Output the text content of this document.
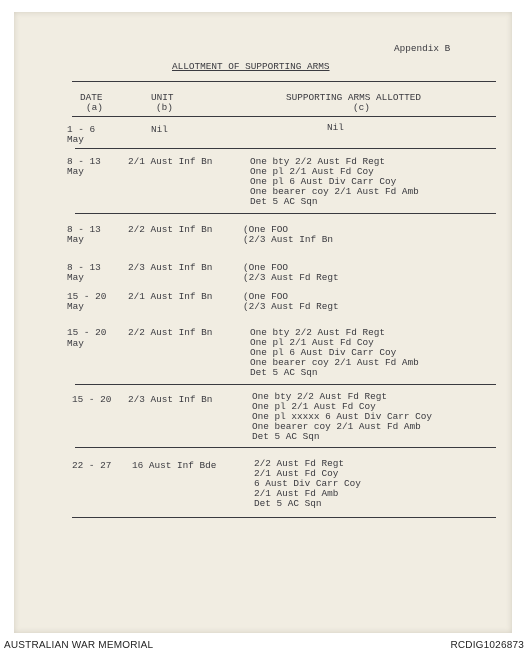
Appendix B
ALLOTMENT OF SUPPORTING ARMS
DATE
(a)
UNIT
(b)
SUPPORTING ARMS ALLOTTED
(c)
1 - 6
May
Nil	Nil
8 - 13
May
2/1 Aust Inf Bn	One bty 2/2 Aust Fd Regt
One pl 2/1 Aust Fd Coy
One pl 6 Aust Div Carr Coy
One bearer coy 2/1 Aust Fd Amb
Det 5 AC Sqn
8 - 13
May
2/2 Aust Inf Bn	(One FOO
(2/3 Aust Inf Bn
8 - 13
May
2/3 Aust Inf Bn	(One FOO
(2/3 Aust Fd Regt
15 - 20
May
2/1 Aust Inf Bn	(One FOO
(2/3 Aust Fd Regt
15 - 20
May
2/2 Aust Inf Bn	One bty 2/2 Aust Fd Regt
One pl 2/1 Aust Fd Coy
One pl 6 Aust Div Carr Coy
One bearer coy 2/1 Aust Fd Amb
Det 5 AC Sqn
15 - 20 2/3 Aust Inf Bn	One bty 2/2 Aust Fd Regt
One pl 2/1 Aust Fd Coy
One pl xxxxx 6 Aust Div Carr Coy
One bearer coy 2/1 Aust Fd Amb
Det 5 AC Sqn
22 - 27 16 Aust Inf Bde	2/2 Aust Fd Regt
2/1 Aust Fd Coy
6 Aust Div Carr Coy
2/1 Aust Fd Amb
Det 5 AC Sqn
AUSTRALIAN WAR MEMORIAL	RCDIG1026873
